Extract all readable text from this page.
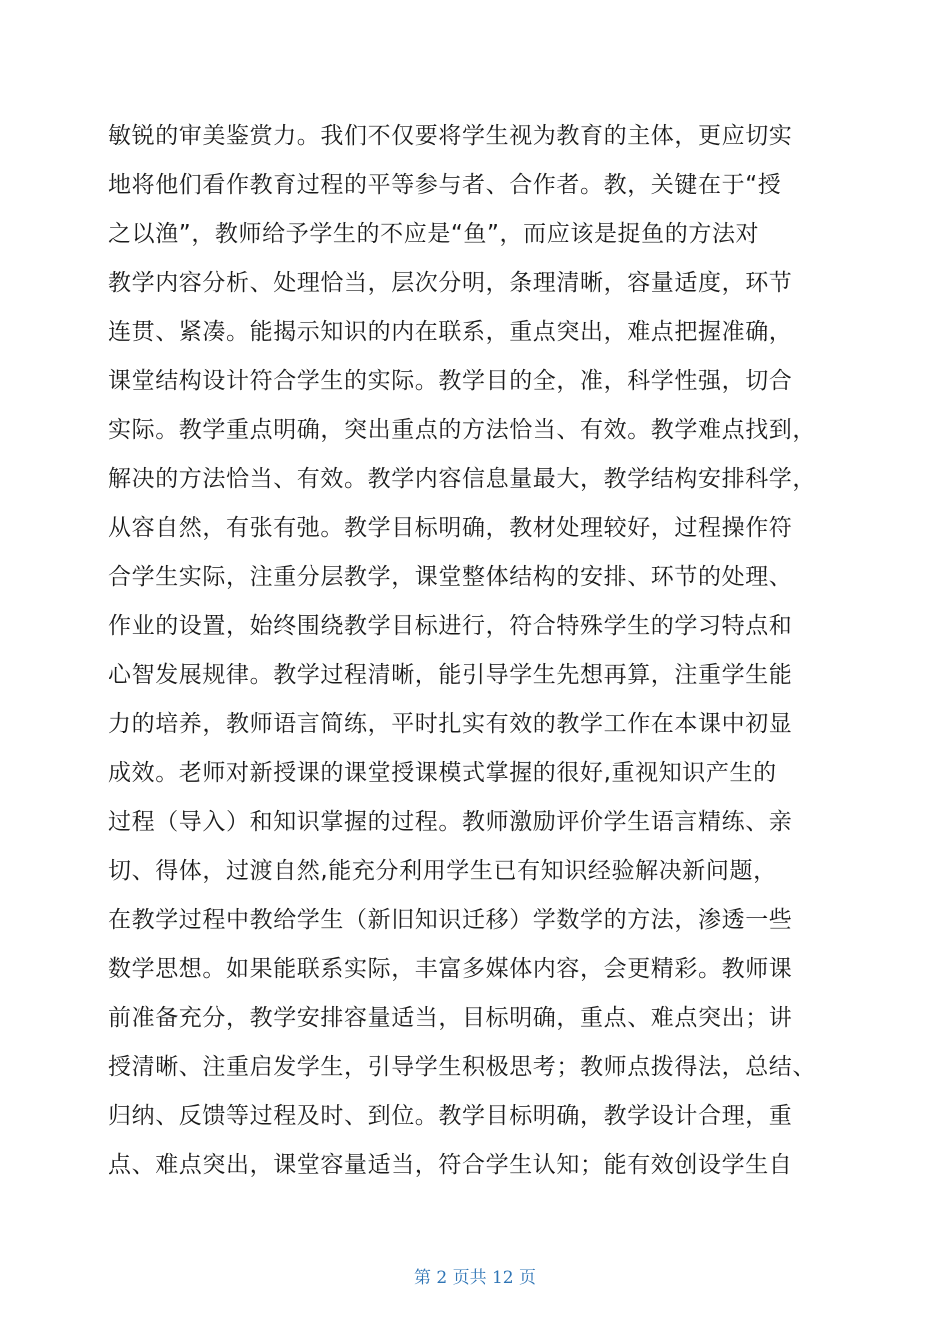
敏锐的审美鉴赏力。我们不仅要将学生视为教育的主体，更应切实
地将他们看作教育过程的平等参与者、合作者。教，关键在于“授
之以渔”，教师给予学生的不应是“鱼”，而应该是捉鱼的方法对
教学内容分析、处理恰当，层次分明，条理清晰，容量适度，环节
连贯、紧凑。能揭示知识的内在联系，重点突出，难点把握准确，
课堂结构设计符合学生的实际。教学目的全，准，科学性强，切合
实际。教学重点明确，突出重点的方法恰当、有效。教学难点找到，
解决的方法恰当、有效。教学内容信息量最大，教学结构安排科学，
从容自然，有张有弛。教学目标明确，教材处理较好，过程操作符
合学生实际，注重分层教学，课堂整体结构的安排、环节的处理、
作业的设置，始终围绕教学目标进行，符合特殊学生的学习特点和
心智发展规律。教学过程清晰，能引导学生先想再算，注重学生能
力的培养，教师语言简练，平时扎实有效的教学工作在本课中初显
成效。老师对新授课的课堂授课模式掌握的很好,重视知识产生的
过程（导入）和知识掌握的过程。教师激励评价学生语言精练、亲
切、得体，过渡自然,能充分利用学生已有知识经验解决新问题，
在教学过程中教给学生（新旧知识迁移）学数学的方法，渗透一些
数学思想。如果能联系实际，丰富多媒体内容，会更精彩。教师课
前准备充分，教学安排容量适当，目标明确，重点、难点突出；讲
授清晰、注重启发学生，引导学生积极思考；教师点拨得法，总结、
归纳、反馈等过程及时、到位。教学目标明确，教学设计合理，重
点、难点突出，课堂容量适当，符合学生认知；能有效创设学生自
第 2 页共 12 页
